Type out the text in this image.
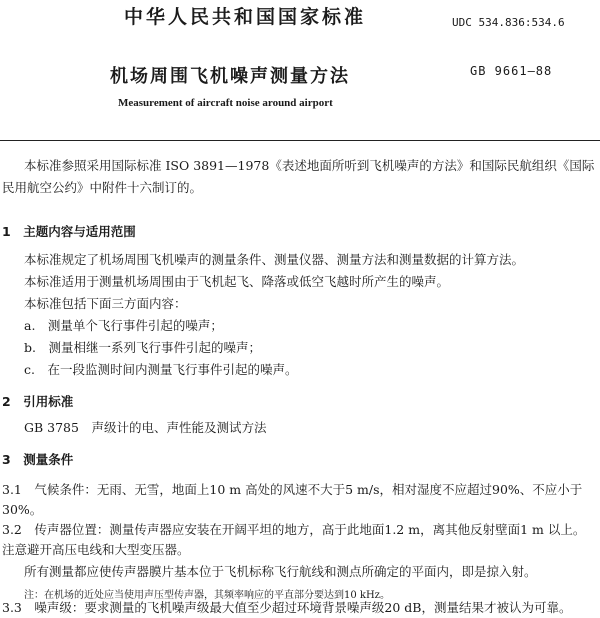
中华人民共和国国家标准	UDC 534.836:534.6
机场周围飞机噪声测量方法	GB 9661—88
Measurement of aircraft noise around airport
本标准参照采用国际标准 ISO 3891—1978《表述地面所听到飞机噪声的方法》和国际民航组织《国际
民用航空公约》中附件十六制订的。
1　主题内容与适用范围
本标准规定了机场周围飞机噪声的测量条件、测量仪器、测量方法和测量数据的计算方法。
本标准适用于测量机场周围由于飞机起飞、降落或低空飞越时所产生的噪声。
本标准包括下面三方面内容：
a.　测量单个飞行事件引起的噪声；
b.　测量相继一系列飞行事件引起的噪声；
c.　在一段监测时间内测量飞行事件引起的噪声。
2　引用标准
GB 3785　声级计的电、声性能及测试方法
3　测量条件
3.1　气候条件：无雨、无雪，地面上10 m 高处的风速不大于5 m/s，相对湿度不应超过90%、不应小于
30%。
3.2　传声器位置：测量传声器应安装在开阔平坦的地方，高于此地面1.2 m，离其他反射壁面1 m 以上。
注意避开高压电线和大型变压器。
所有测量都应使传声器膜片基本位于飞机标称飞行航线和测点所确定的平面内，即是掠入射。
注：在机场的近处应当使用声压型传声器，其频率响应的平直部分要达到10 kHz。
3.3　噪声级：要求测量的飞机噪声级最大值至少超过环境背景噪声级20 dB，测量结果才被认为可靠。
